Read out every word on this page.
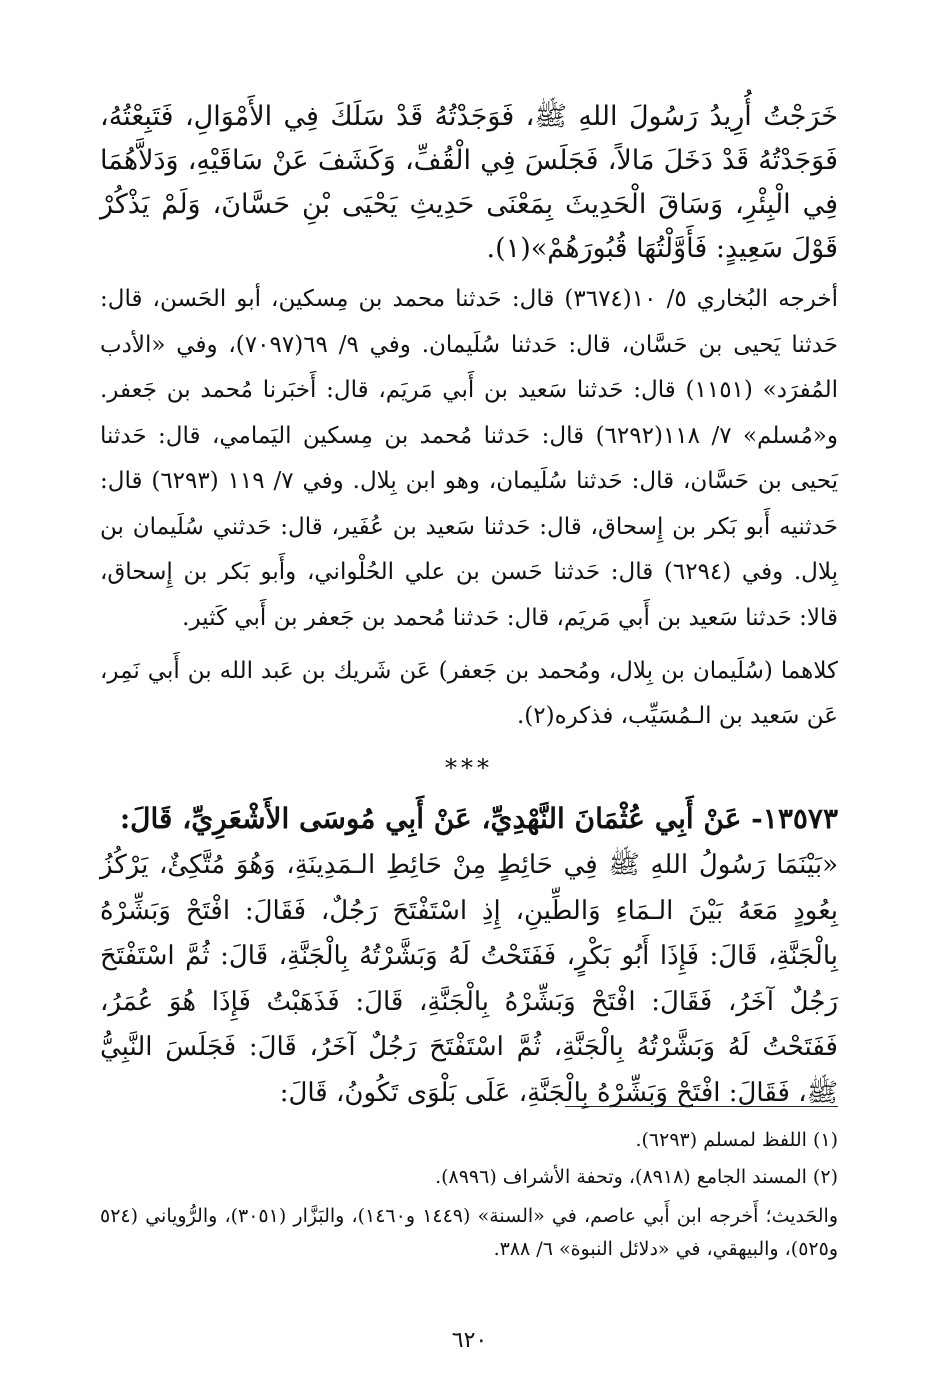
خَرَجْتُ أُرِيدُ رَسُولَ اللهِ ﷺ، فَوَجَدْتُهُ قَدْ سَلَكَ فِي الأَمْوَالِ، فَتَبِعْتُهُ، فَوَجَدْتُهُ قَدْ دَخَلَ مَالاً، فَجَلَسَ فِي الْقُفِّ، وَكَشَفَ عَنْ سَاقَيْهِ، وَدَلاَّهُمَا فِي الْبِئْرِ، وَسَاقَ الْحَدِيثَ بِمَعْنَى حَدِيثِ يَحْيَى بْنِ حَسَّانَ، وَلَمْ يَذْكُرْ قَوْلَ سَعِيدٍ: فَأَوَّلْتُهَا قُبُورَهُمْ»(١).

أخرجه البُخاري ٥/ ١٠(٣٦٧٤) قال: حَدثنا محمد بن مِسكين، أبو الحَسن، قال: حَدثنا يَحيى بن حَسَّان، قال: حَدثنا سُلَيمان. وفي ٩/ ٦٩(٧٠٩٧)، وفي «الأدب المُفرَد» (١١٥١) قال: حَدثنا سَعيد بن أَبي مَريَم، قال: أَخبَرنا مُحمد بن جَعفر. و«مُسلم» ٧/ ١١٨(٦٢٩٢) قال: حَدثنا مُحمد بن مِسكين اليَمامي، قال: حَدثنا يَحيى بن حَسَّان، قال: حَدثنا سُلَيمان، وهو ابن بِلال. وفي ٧/ ١١٩ (٦٢٩٣) قال: حَدثنيه أَبو بَكر بن إِسحاق، قال: حَدثنا سَعيد بن عُفَير، قال: حَدثني سُلَيمان بن بِلال. وفي (٦٢٩٤) قال: حَدثنا حَسن بن علي الحُلْواني، وأَبو بَكر بن إِسحاق، قالا: حَدثنا سَعيد بن أَبي مَريَم، قال: حَدثنا مُحمد بن جَعفر بن أَبي كَثير.

كلاهما (سُلَيمان بن بِلال، ومُحمد بن جَعفر) عَن شَريك بن عَبد الله بن أَبي نَمِر، عَن سَعيد بن الـمُسَيِّب، فذكره(٢).

***

١٣٥٧٣- عَنْ أَبِي عُثْمَانَ النَّهْدِيِّ، عَنْ أَبِي مُوسَى الأَشْعَرِيِّ، قَالَ:

«بَيْنَمَا رَسُولُ اللهِ ﷺ فِي حَائِطٍ مِنْ حَائِطِ الـمَدِينَةِ، وَهُوَ مُتَّكِئٌ، يَرْكُزُ بِعُودٍ مَعَهُ بَيْنَ الـمَاءِ وَالطِّينِ، إِذِ اسْتَفْتَحَ رَجُلٌ، فَقَالَ: افْتَحْ وَبَشِّرْهُ بِالْجَنَّةِ، قَالَ: فَإِذَا أَبُو بَكْرٍ، فَفَتَحْتُ لَهُ وَبَشَّرْتُهُ بِالْجَنَّةِ، قَالَ: ثُمَّ اسْتَفْتَحَ رَجُلٌ آخَرُ، فَقَالَ: افْتَحْ وَبَشِّرْهُ بِالْجَنَّةِ، قَالَ: فَذَهَبْتُ فَإِذَا هُوَ عُمَرُ، فَفَتَحْتُ لَهُ وَبَشَّرْتُهُ بِالْجَنَّةِ، ثُمَّ اسْتَفْتَحَ رَجُلٌ آخَرُ، قَالَ: فَجَلَسَ النَّبِيُّ ﷺ، فَقَالَ: افْتَحْ وَبَشِّرْهُ بِالْجَنَّةِ، عَلَى بَلْوَى تَكُونُ، قَالَ:

(١) اللفظ لمسلم (٦٢٩٣).

(٢) المسند الجامع (٨٩١٨)، وتحفة الأشراف (٨٩٩٦).

والحَديث؛ أَخرجه ابن أَبي عاصم، في «السنة» (١٤٤٩ و١٤٦٠)، والبَزَّار (٣٠٥١)، والرُّوياني (٥٢٤ و٥٢٥)، والبيهقي، في «دلائل النبوة» ٦/ ٣٨٨.

٦٢٠
